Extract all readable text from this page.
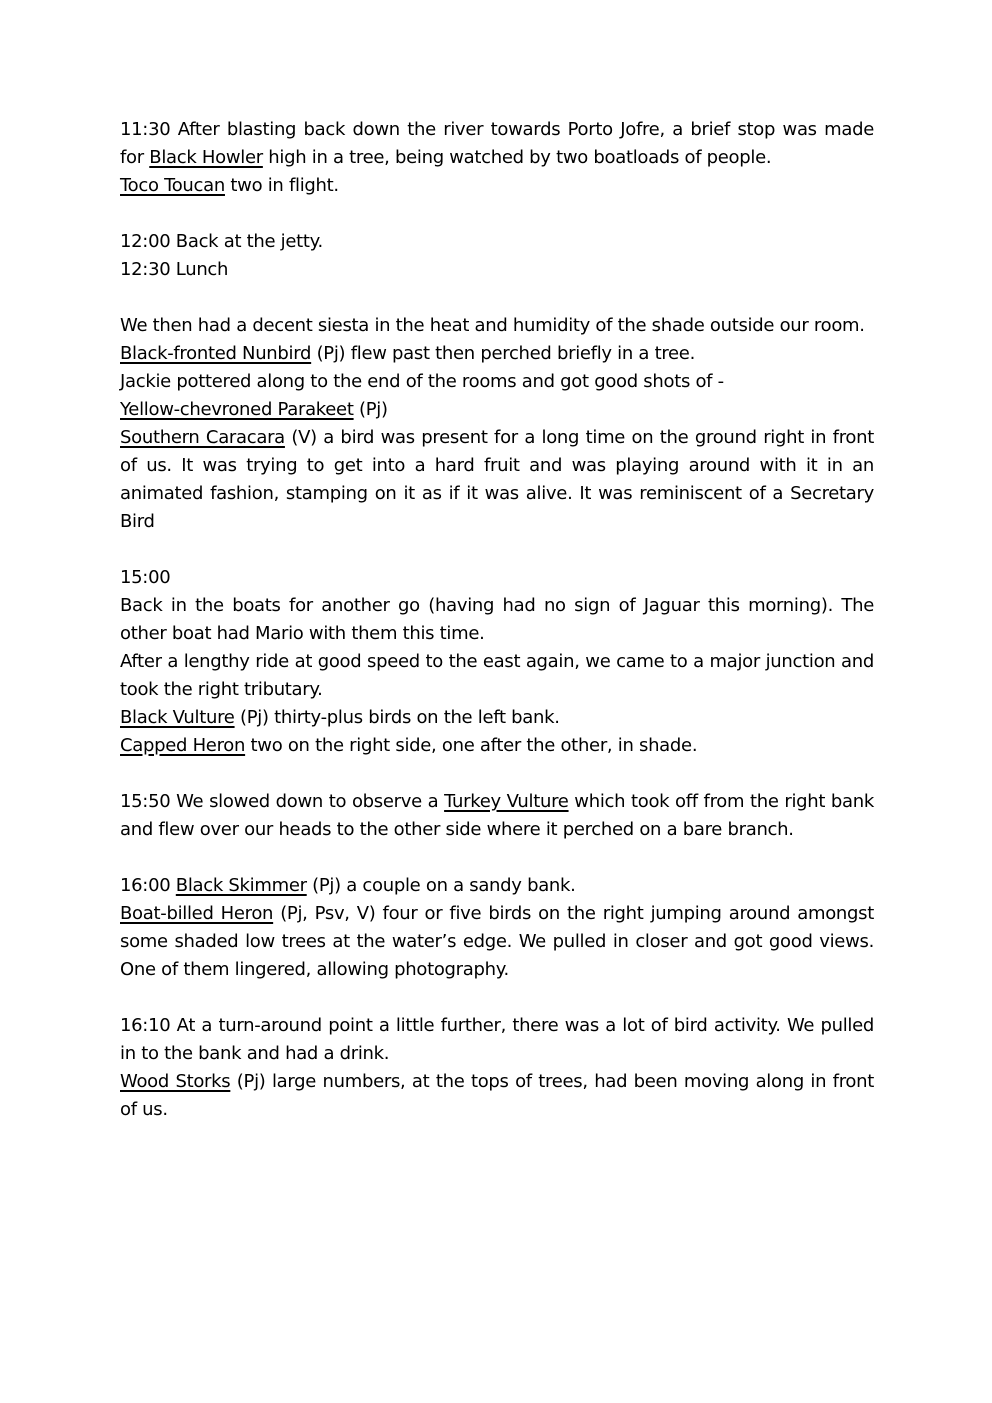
11:30 After blasting back down the river towards Porto Jofre, a brief stop was made for Black Howler high in a tree, being watched by two boatloads of people.

Toco Toucan two in flight.

12:00 Back at the jetty.

12:30 Lunch

We then had a decent siesta in the heat and humidity of the shade outside our room.

Black-fronted Nunbird (Pj) flew past then perched briefly in a tree.

Jackie pottered along to the end of the rooms and got good shots of -

Yellow-chevroned Parakeet (Pj)

Southern Caracara (V) a bird was present for a long time on the ground right in front of us. It was trying to get into a hard fruit and was playing around with it in an animated fashion, stamping on it as if it was alive. It was reminiscent of a Secretary Bird

15:00

Back in the boats for another go (having had no sign of Jaguar this morning). The other boat had Mario with them this time.

After a lengthy ride at good speed to the east again, we came to a major junction and took the right tributary.

Black Vulture (Pj) thirty-plus birds on the left bank.

Capped Heron two on the right side, one after the other, in shade.

15:50 We slowed down to observe a Turkey Vulture which took off from the right bank and flew over our heads to the other side where it perched on a bare branch.

16:00 Black Skimmer (Pj) a couple on a sandy bank.

Boat-billed Heron (Pj, Psv, V) four or five birds on the right jumping around amongst some shaded low trees at the water’s edge. We pulled in closer and got good views. One of them lingered, allowing photography.

16:10 At a turn-around point a little further, there was a lot of bird activity. We pulled in to the bank and had a drink.

Wood Storks (Pj) large numbers, at the tops of trees, had been moving along in front of us.
